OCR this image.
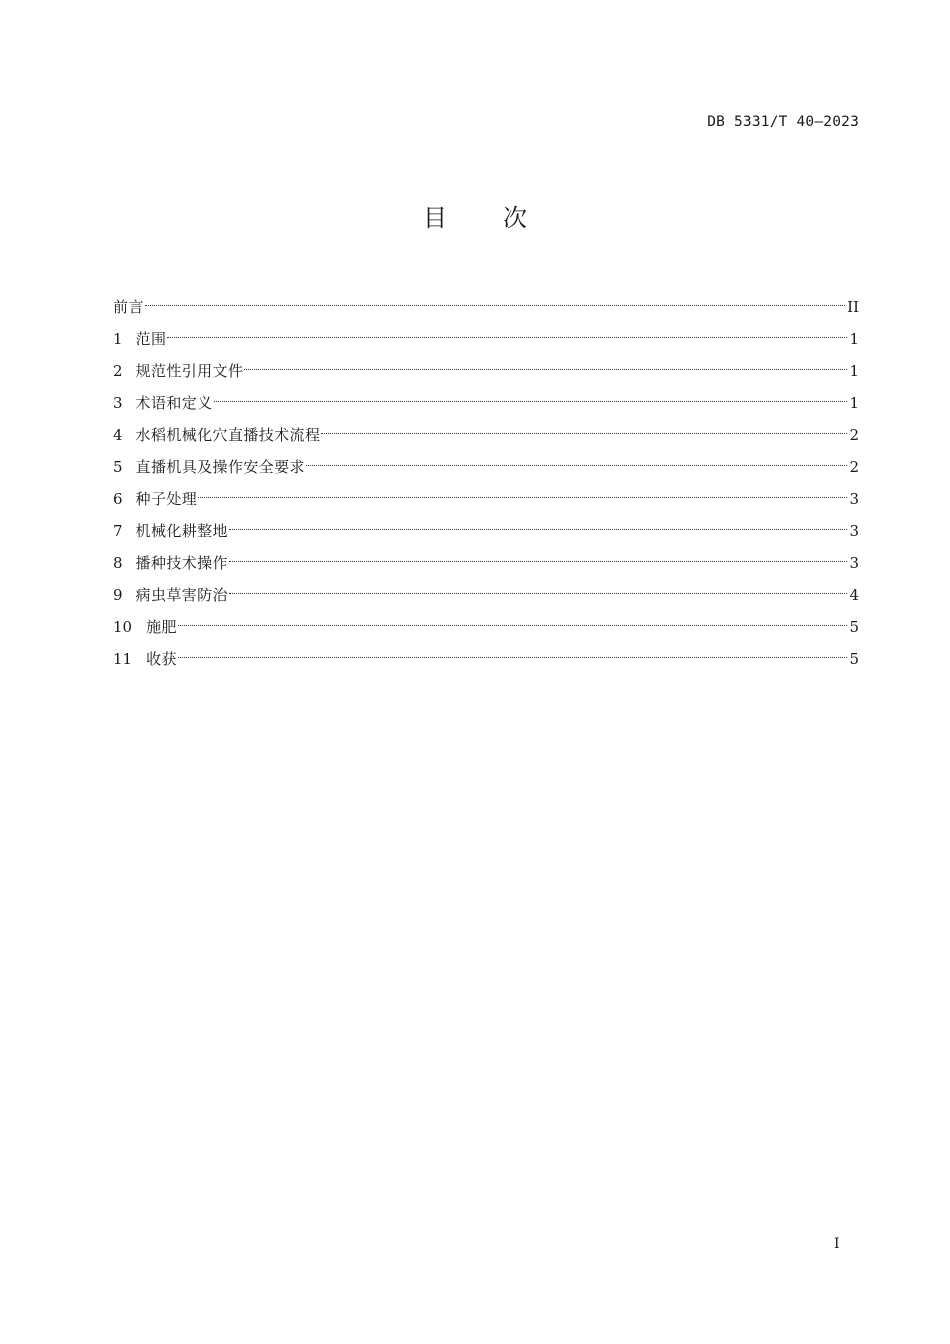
DB 5331/T 40—2023
目 次
前言	II
1 范围	1
2 规范性引用文件	1
3 术语和定义	1
4 水稻机械化穴直播技术流程	2
5 直播机具及操作安全要求	2
6 种子处理	3
7 机械化耕整地	3
8 播种技术操作	3
9 病虫草害防治	4
10 施肥	5
11 收获	5
I
